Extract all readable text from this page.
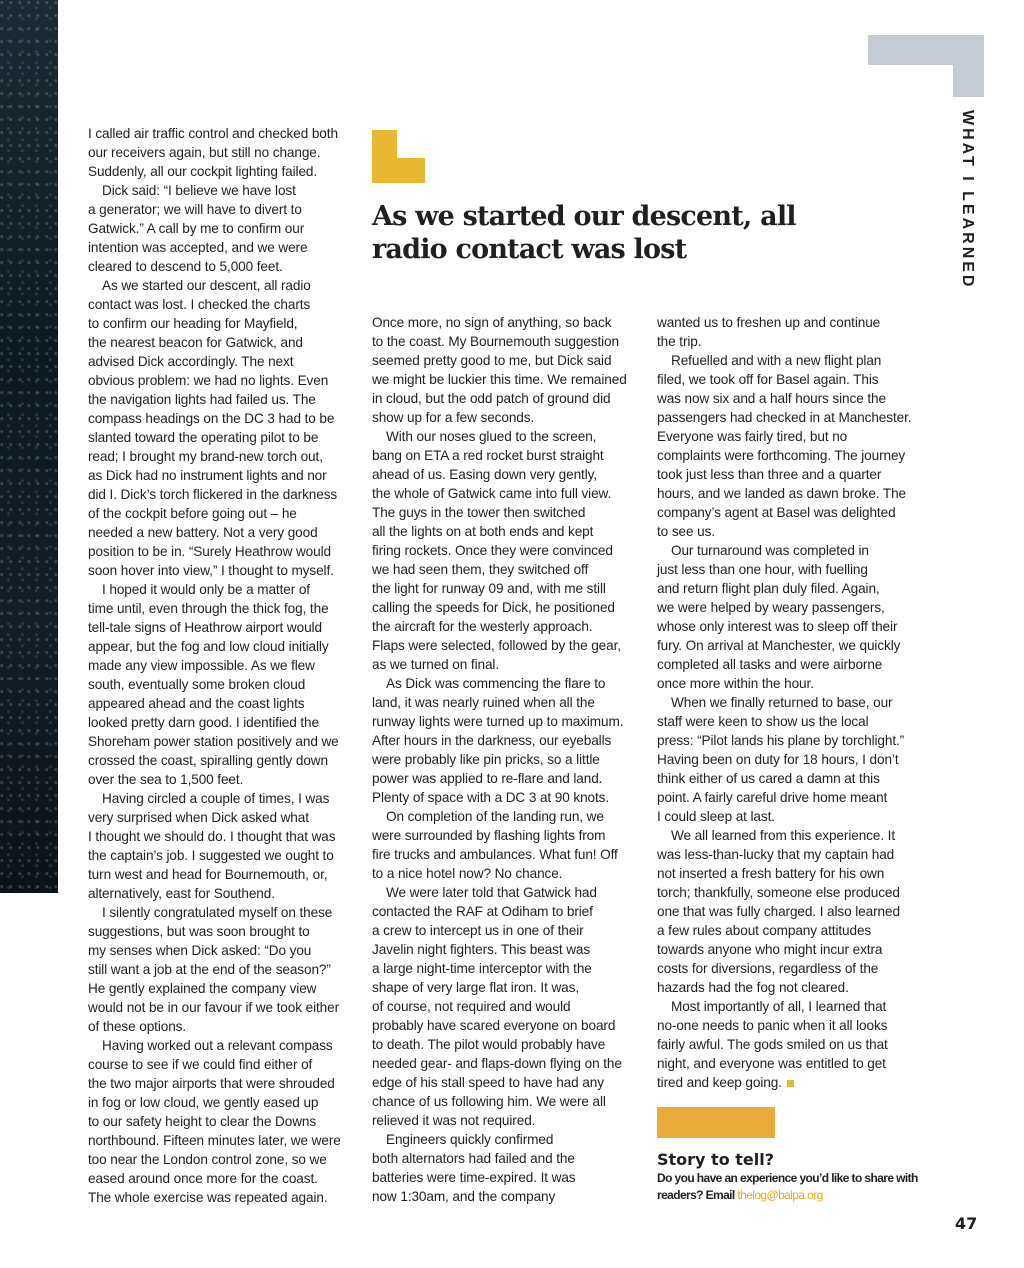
WHAT I LEARNED
As we started our descent, all radio contact was lost
I called air traffic control and checked both
our receivers again, but still no change.
Suddenly, all our cockpit lighting failed.
Dick said: “I believe we have lost
a generator; we will have to divert to
Gatwick.” A call by me to confirm our
intention was accepted, and we were
cleared to descend to 5,000 feet.
As we started our descent, all radio
contact was lost. I checked the charts
to confirm our heading for Mayfield,
the nearest beacon for Gatwick, and
advised Dick accordingly. The next
obvious problem: we had no lights. Even
the navigation lights had failed us. The
compass headings on the DC 3 had to be
slanted toward the operating pilot to be
read; I brought my brand-new torch out,
as Dick had no instrument lights and nor
did I. Dick’s torch flickered in the darkness
of the cockpit before going out – he
needed a new battery. Not a very good
position to be in. “Surely Heathrow would
soon hover into view,” I thought to myself.
I hoped it would only be a matter of
time until, even through the thick fog, the
tell-tale signs of Heathrow airport would
appear, but the fog and low cloud initially
made any view impossible. As we flew
south, eventually some broken cloud
appeared ahead and the coast lights
looked pretty darn good. I identified the
Shoreham power station positively and we
crossed the coast, spiralling gently down
over the sea to 1,500 feet.
Having circled a couple of times, I was
very surprised when Dick asked what
I thought we should do. I thought that was
the captain’s job. I suggested we ought to
turn west and head for Bournemouth, or,
alternatively, east for Southend.
I silently congratulated myself on these
suggestions, but was soon brought to
my senses when Dick asked: “Do you
still want a job at the end of the season?”
He gently explained the company view
would not be in our favour if we took either
of these options.
Having worked out a relevant compass
course to see if we could find either of
the two major airports that were shrouded
in fog or low cloud, we gently eased up
to our safety height to clear the Downs
northbound. Fifteen minutes later, we were
too near the London control zone, so we
eased around once more for the coast.
The whole exercise was repeated again.
Once more, no sign of anything, so back
to the coast. My Bournemouth suggestion
seemed pretty good to me, but Dick said
we might be luckier this time. We remained
in cloud, but the odd patch of ground did
show up for a few seconds.
With our noses glued to the screen,
bang on ETA a red rocket burst straight
ahead of us. Easing down very gently,
the whole of Gatwick came into full view.
The guys in the tower then switched
all the lights on at both ends and kept
firing rockets. Once they were convinced
we had seen them, they switched off
the light for runway 09 and, with me still
calling the speeds for Dick, he positioned
the aircraft for the westerly approach.
Flaps were selected, followed by the gear,
as we turned on final.
As Dick was commencing the flare to
land, it was nearly ruined when all the
runway lights were turned up to maximum.
After hours in the darkness, our eyeballs
were probably like pin pricks, so a little
power was applied to re-flare and land.
Plenty of space with a DC 3 at 90 knots.
On completion of the landing run, we
were surrounded by flashing lights from
fire trucks and ambulances. What fun! Off
to a nice hotel now? No chance.
We were later told that Gatwick had
contacted the RAF at Odiham to brief
a crew to intercept us in one of their
Javelin night fighters. This beast was
a large night-time interceptor with the
shape of very large flat iron. It was,
of course, not required and would
probably have scared everyone on board
to death. The pilot would probably have
needed gear- and flaps-down flying on the
edge of his stall speed to have had any
chance of us following him. We were all
relieved it was not required.
Engineers quickly confirmed
both alternators had failed and the
batteries were time-expired. It was
now 1:30am, and the company
wanted us to freshen up and continue
the trip.
Refuelled and with a new flight plan
filed, we took off for Basel again. This
was now six and a half hours since the
passengers had checked in at Manchester.
Everyone was fairly tired, but no
complaints were forthcoming. The journey
took just less than three and a quarter
hours, and we landed as dawn broke. The
company’s agent at Basel was delighted
to see us.
Our turnaround was completed in
just less than one hour, with fuelling
and return flight plan duly filed. Again,
we were helped by weary passengers,
whose only interest was to sleep off their
fury. On arrival at Manchester, we quickly
completed all tasks and were airborne
once more within the hour.
When we finally returned to base, our
staff were keen to show us the local
press: “Pilot lands his plane by torchlight.”
Having been on duty for 18 hours, I don’t
think either of us cared a damn at this
point. A fairly careful drive home meant
I could sleep at last.
We all learned from this experience. It
was less-than-lucky that my captain had
not inserted a fresh battery for his own
torch; thankfully, someone else produced
one that was fully charged. I also learned
a few rules about company attitudes
towards anyone who might incur extra
costs for diversions, regardless of the
hazards had the fog not cleared.
Most importantly of all, I learned that
no-one needs to panic when it all looks
fairly awful. The gods smiled on us that
night, and everyone was entitled to get
tired and keep going.
Story to tell?
Do you have an experience you’d like to share with readers? Email thelog@balpa.org
47
